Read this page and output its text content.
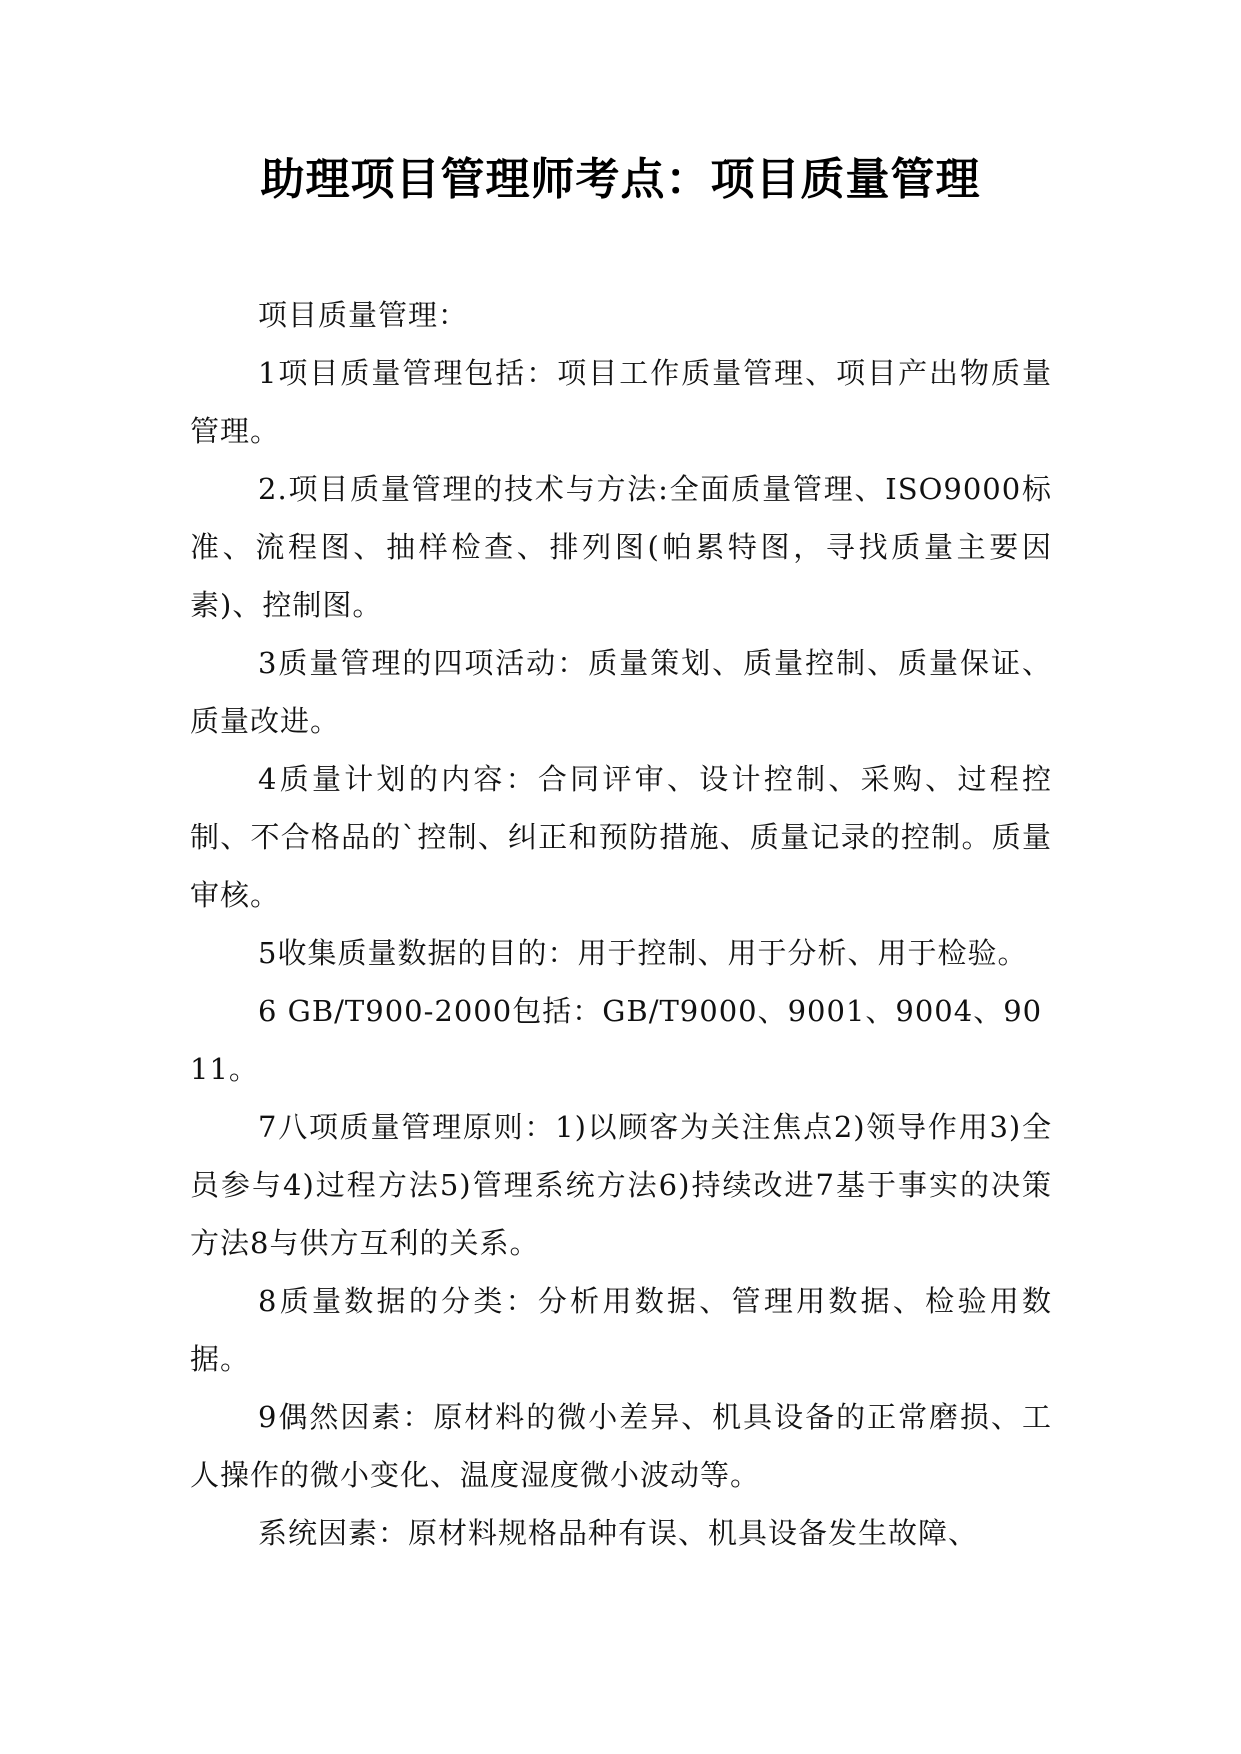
助理项目管理师考点：项目质量管理

项目质量管理：

1项目质量管理包括：项目工作质量管理、项目产出物质量管理。

2.项目质量管理的技术与方法:全面质量管理、ISO9000标准、流程图、抽样检查、排列图(帕累特图，寻找质量主要因素)、控制图。

3质量管理的四项活动：质量策划、质量控制、质量保证、质量改进。

4质量计划的内容：合同评审、设计控制、采购、过程控制、不合格品的`控制、纠正和预防措施、质量记录的控制。质量审核。

5收集质量数据的目的：用于控制、用于分析、用于检验。

6 GB/T900-2000包括：GB/T9000、9001、9004、9011。

7八项质量管理原则：1)以顾客为关注焦点2)领导作用3)全员参与4)过程方法5)管理系统方法6)持续改进7基于事实的决策方法8与供方互利的关系。

8质量数据的分类：分析用数据、管理用数据、检验用数据。

9偶然因素：原材料的微小差异、机具设备的正常磨损、工人操作的微小变化、温度湿度微小波动等。

系统因素：原材料规格品种有误、机具设备发生故障、
